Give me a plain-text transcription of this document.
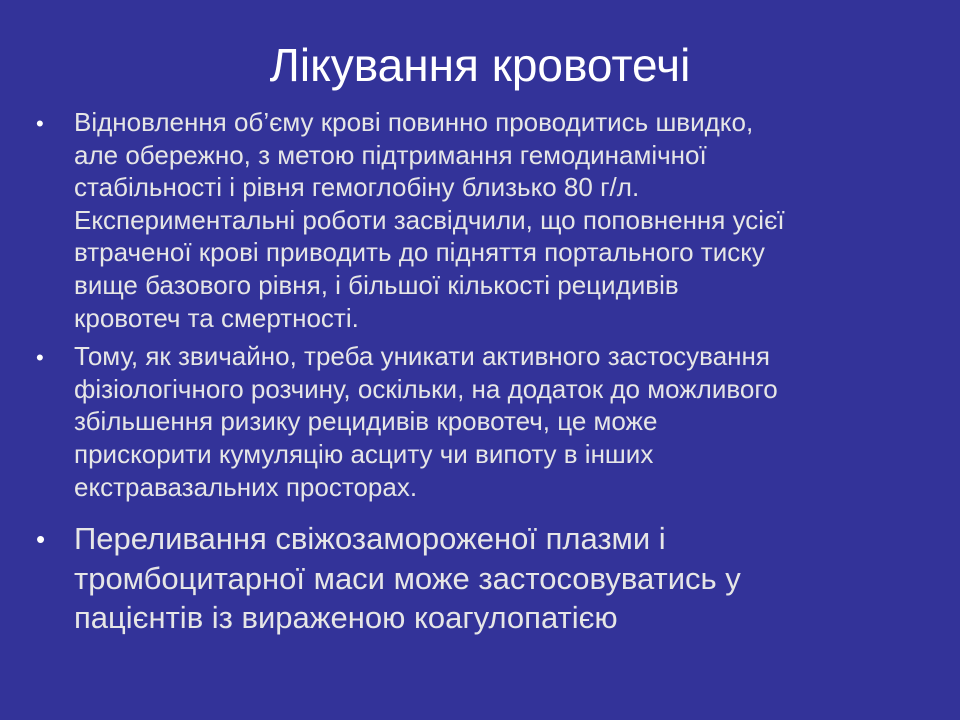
Лікування кровотечі
• Відновлення об’єму крові повинно проводитись швидко,
але обережно, з метою підтримання гемодинамічної
стабільності і рівня гемоглобіну близько 80 г/л.
Експериментальні роботи засвідчили, що поповнення усієї
втраченої крові приводить до підняття портального тиску
вище базового рівня, і більшої кількості рецидивів
кровотеч та смертності.
• Тому, як звичайно, треба уникати активного застосування
фізіологічного розчину, оскільки, на додаток до можливого
збільшення ризику рецидивів кровотеч, це може
прискорити кумуляцію асциту чи випоту в інших
екстравазальних просторах.
• Переливання свіжозамороженої плазми і
тромбоцитарної маси може застосовуватись у
пацієнтів із вираженою коагулопатією
